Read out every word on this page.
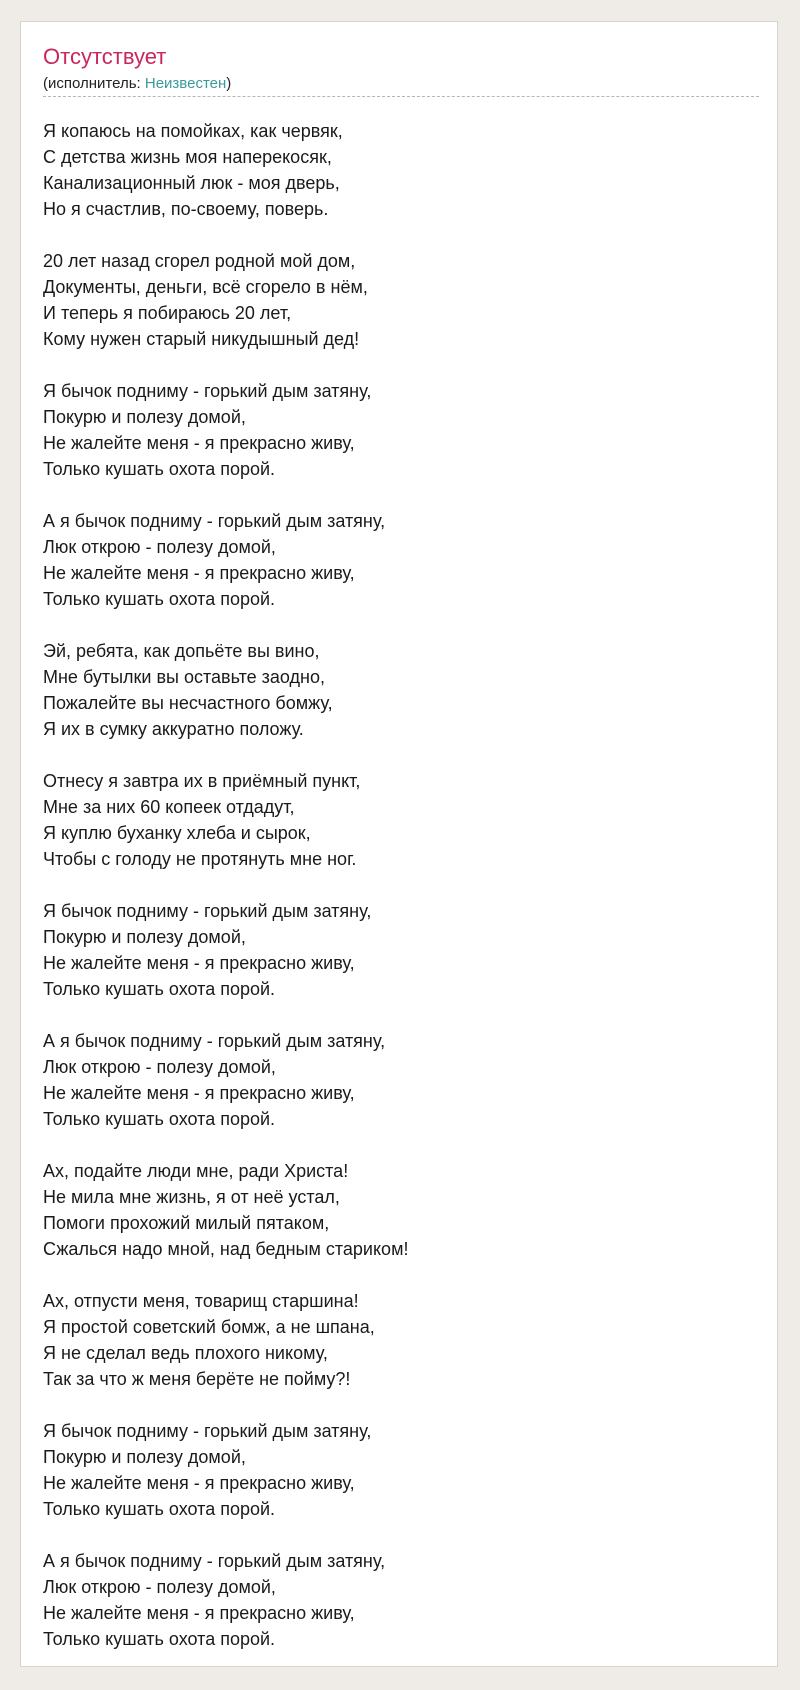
Отсутствует
(исполнитель: Неизвестен)
Я копаюсь на помойках, как червяк,
С детства жизнь моя наперекосяк,
Канализационный люк - моя дверь,
Но я счастлив, по-своему, поверь.
20 лет назад сгорел родной мой дом,
Документы, деньги, всё сгорело в нём,
И теперь я побираюсь 20 лет,
Кому нужен старый никудышный дед!
Я бычок подниму - горький дым затяну,
Покурю и полезу домой,
Не жалейте меня - я прекрасно живу,
Только кушать охота порой.
А я бычок подниму - горький дым затяну,
Люк открою - полезу домой,
Не жалейте меня - я прекрасно живу,
Только кушать охота порой.
Эй, ребята, как допьёте вы вино,
Мне бутылки вы оставьте заодно,
Пожалейте вы несчастного бомжу,
Я их в сумку аккуратно положу.
Отнесу я завтра их в приёмный пункт,
Мне за них 60 копеек отдадут,
Я куплю буханку хлеба и сырок,
Чтобы с голоду не протянуть мне ног.
Я бычок подниму - горький дым затяну,
Покурю и полезу домой,
Не жалейте меня - я прекрасно живу,
Только кушать охота порой.
А я бычок подниму - горький дым затяну,
Люк открою - полезу домой,
Не жалейте меня - я прекрасно живу,
Только кушать охота порой.
Ах, подайте люди мне, ради Христа!
Не мила мне жизнь, я от неё устал,
Помоги прохожий милый пятаком,
Сжалься надо мной, над бедным стариком!
Ах, отпусти меня, товарищ старшина!
Я простой советский бомж, а не шпана,
Я не сделал ведь плохого никому,
Так за что ж меня берёте не пойму?!
Я бычок подниму - горький дым затяну,
Покурю и полезу домой,
Не жалейте меня - я прекрасно живу,
Только кушать охота порой.
А я бычок подниму - горький дым затяну,
Люк открою - полезу домой,
Не жалейте меня - я прекрасно живу,
Только кушать охота порой.
